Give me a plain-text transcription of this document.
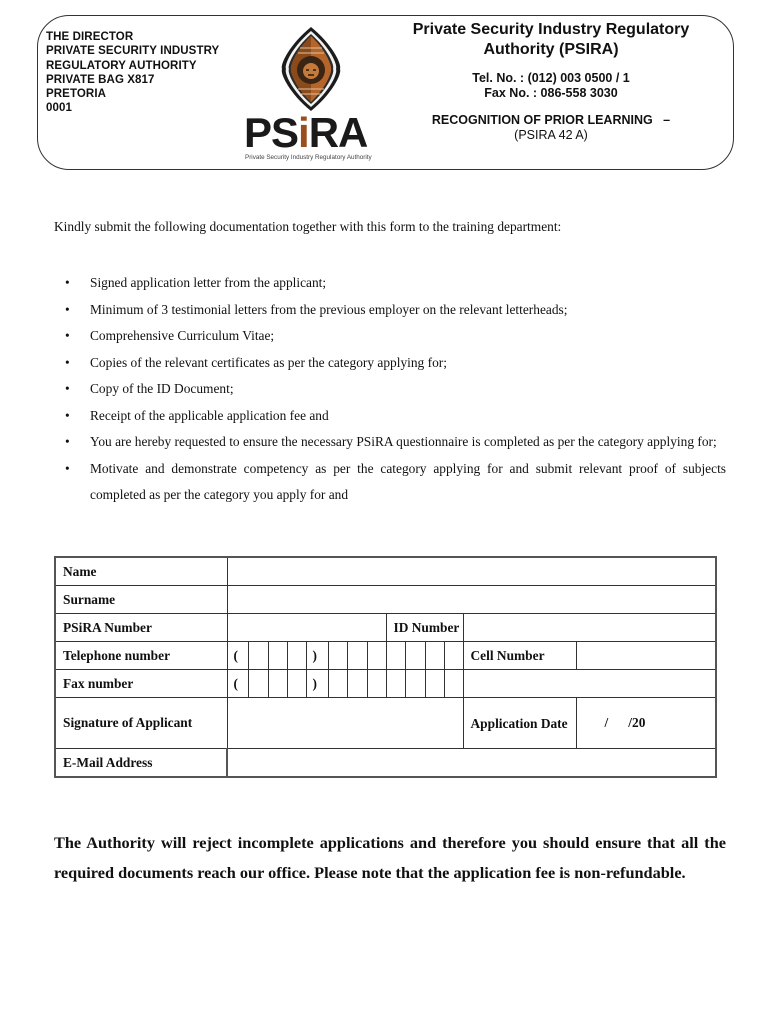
THE DIRECTOR
PRIVATE SECURITY INDUSTRY
REGULATORY AUTHORITY
PRIVATE BAG X817
PRETORIA
0001
PSiRA
Private Security Industry Regulatory Authority
Private Security Industry Regulatory
Authority (PSIRA)
Tel. No. : (012) 003 0500 / 1
Fax No. : 086-558 3030
RECOGNITION OF PRIOR LEARNING   –
(PSIRA 42 A)
Kindly submit the following documentation together with this form to the training department:
• Signed application letter from the applicant;
• Minimum of 3 testimonial letters from the previous employer on the relevant letterheads;
• Comprehensive Curriculum Vitae;
• Copies of the relevant certificates as per the category applying for;
• Copy of the ID Document;
• Receipt of the applicable application fee and
• You are hereby requested to ensure the necessary PSiRA questionnaire is completed as per the category applying for;
• Motivate and demonstrate competency as per the category applying for and submit relevant proof of subjects completed as per the category you apply for and
Name														
Surname														
PSiRA Number									ID Number					
Telephone number	(				)								Cell Number	
Fax number	(				)									
Signature of Applicant													Application Date	/      /20
E-Mail Address														
The Authority will reject incomplete applications and therefore you should ensure that all the required documents reach our office. Please note that the application fee is non-refundable.
